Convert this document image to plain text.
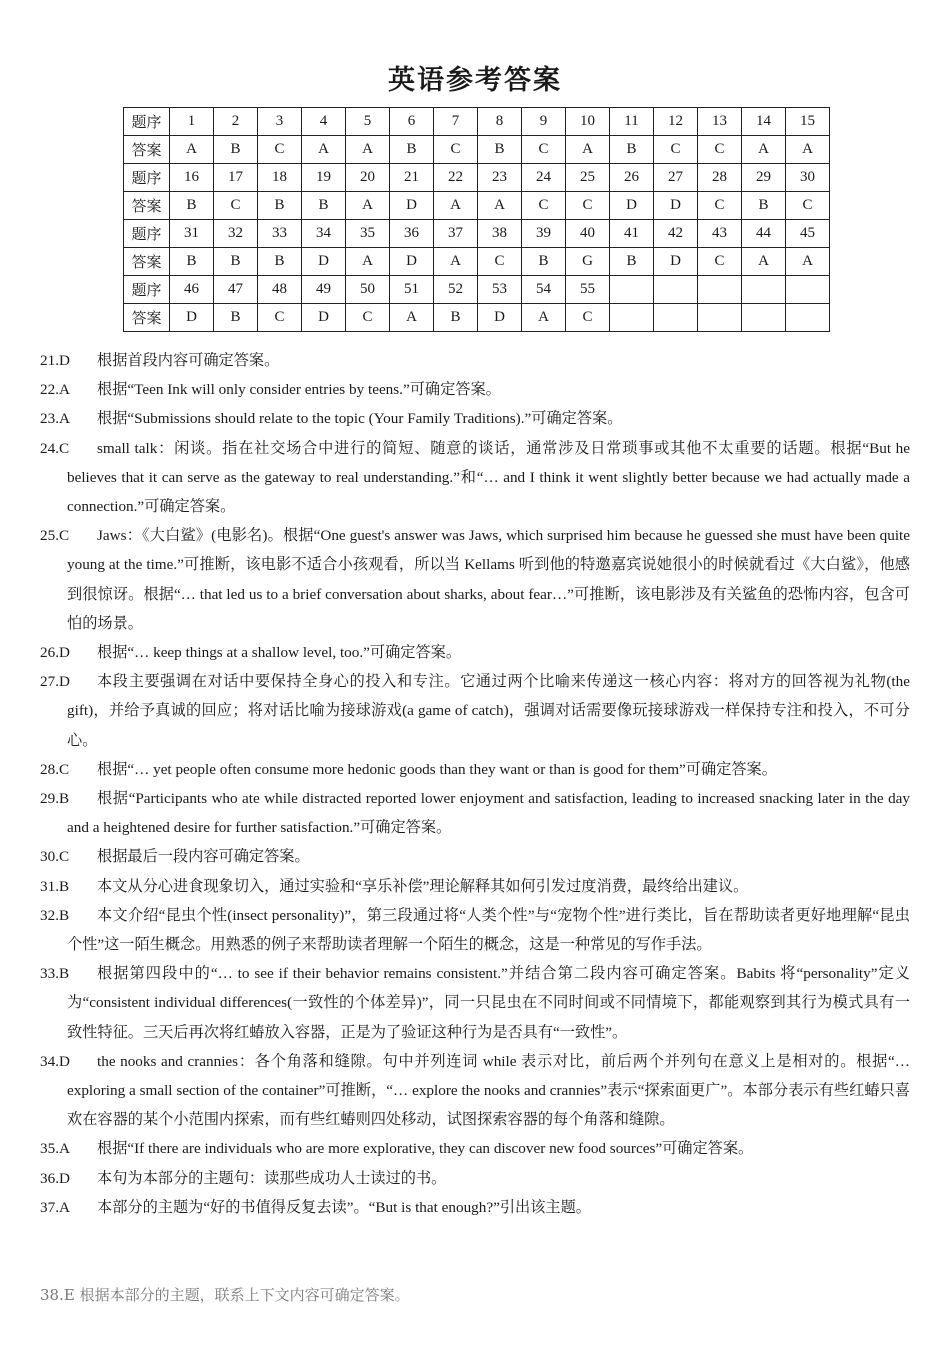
英语参考答案
题序	1	2	3	4	5	6	7	8	9	10	11	12	13	14	15
答案	A	B	C	A	A	B	C	B	C	A	B	C	C	A	A
题序	16	17	18	19	20	21	22	23	24	25	26	27	28	29	30
答案	B	C	B	B	A	D	A	A	C	C	D	D	C	B	C
题序	31	32	33	34	35	36	37	38	39	40	41	42	43	44	45
答案	B	B	B	D	A	D	A	C	B	G	B	D	C	A	A
题序	46	47	48	49	50	51	52	53	54	55					
答案	D	B	C	D	C	A	B	D	A	C					
21.D	根据首段内容可确定答案。
22.A	根据“Teen Ink will only consider entries by teens.”可确定答案。
23.A	根据“Submissions should relate to the topic (Your Family Traditions).”可确定答案。
24.C	small talk：闲谈。指在社交场合中进行的简短、随意的谈话，通常涉及日常琐事或其他不太重要的话题。根据“But he believes that it can serve as the gateway to real understanding.”和“… and I think it went slightly better because we had actually made a connection.”可确定答案。
25.C	Jaws：《大白鲨》(电影名)。根据“One guest's answer was Jaws, which surprised him because he guessed she must have been quite young at the time.”可推断，该电影不适合小孩观看，所以当 Kellams 听到他的特邀嘉宾说她很小的时候就看过《大白鲨》，他感到很惊讶。根据“… that led us to a brief conversation about sharks, about fear…”可推断，该电影涉及有关鲨鱼的恐怖内容，包含可怕的场景。
26.D	根据“… keep things at a shallow level, too.”可确定答案。
27.D	本段主要强调在对话中要保持全身心的投入和专注。它通过两个比喻来传递这一核心内容：将对方的回答视为礼物(the gift)，并给予真诚的回应；将对话比喻为接球游戏(a game of catch)，强调对话需要像玩接球游戏一样保持专注和投入，不可分心。
28.C	根据“… yet people often consume more hedonic goods than they want or than is good for them”可确定答案。
29.B	根据“Participants who ate while distracted reported lower enjoyment and satisfaction, leading to increased snacking later in the day and a heightened desire for further satisfaction.”可确定答案。
30.C	根据最后一段内容可确定答案。
31.B	本文从分心进食现象切入，通过实验和“享乐补偿”理论解释其如何引发过度消费，最终给出建议。
32.B	本文介绍“昆虫个性(insect personality)”，第三段通过将“人类个性”与“宠物个性”进行类比，旨在帮助读者更好地理解“昆虫个性”这一陌生概念。用熟悉的例子来帮助读者理解一个陌生的概念，这是一种常见的写作手法。
33.B	根据第四段中的“… to see if their behavior remains consistent.”并结合第二段内容可确定答案。Babits 将“personality”定义为“consistent individual differences(一致性的个体差异)”，同一只昆虫在不同时间或不同情境下，都能观察到其行为模式具有一致性特征。三天后再次将红蝽放入容器，正是为了验证这种行为是否具有“一致性”。
34.D	the nooks and crannies：各个角落和缝隙。句中并列连词 while 表示对比，前后两个并列句在意义上是相对的。根据“… exploring a small section of the container”可推断，“… explore the nooks and crannies”表示“探索面更广”。本部分表示有些红蝽只喜欢在容器的某个小范围内探索，而有些红蝽则四处移动，试图探索容器的每个角落和缝隙。
35.A	根据“If there are individuals who are more explorative, they can discover new food sources”可确定答案。
36.D	本句为本部分的主题句：读那些成功人士读过的书。
37.A	本部分的主题为“好的书值得反复去读”。“But is that enough?”引出该主题。
38.E 根据本部分的主题，联系上下文内容可确定答案。
